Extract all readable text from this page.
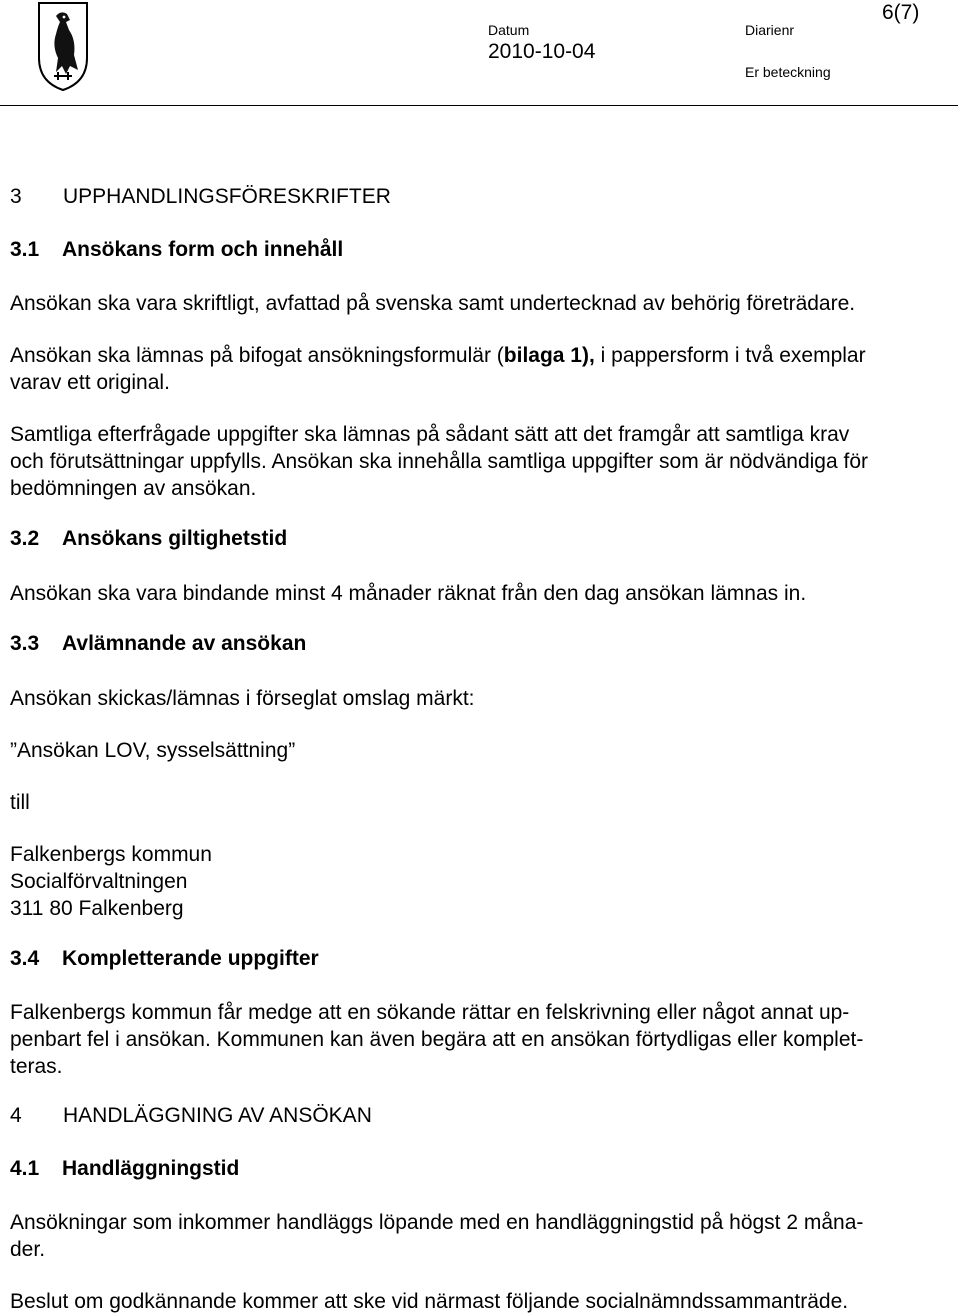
Datum
2010-10-04
Diarienr
Er beteckning
6(7)
3 UPPHANDLINGSFÖRESKRIFTER
3.1 Ansökans form och innehåll
Ansökan ska vara skriftligt, avfattad på svenska samt undertecknad av behörig företrädare.
Ansökan ska lämnas på bifogat ansökningsformulär (bilaga 1), i pappersform i två exemplar
varav ett original.
Samtliga efterfrågade uppgifter ska lämnas på sådant sätt att det framgår att samtliga krav
och förutsättningar uppfylls. Ansökan ska innehålla samtliga uppgifter som är nödvändiga för
bedömningen av ansökan.
3.2 Ansökans giltighetstid
Ansökan ska vara bindande minst 4 månader räknat från den dag ansökan lämnas in.
3.3 Avlämnande av ansökan
Ansökan skickas/lämnas i förseglat omslag märkt:
”Ansökan LOV, sysselsättning”
till
Falkenbergs kommun
Socialförvaltningen
311 80 Falkenberg
3.4 Kompletterande uppgifter
Falkenbergs kommun får medge att en sökande rättar en felskrivning eller något annat up-
penbart fel i ansökan. Kommunen kan även begära att en ansökan förtydligas eller komplet-
teras.
4 HANDLÄGGNING AV ANSÖKAN
4.1 Handläggningstid
Ansökningar som inkommer handläggs löpande med en handläggningstid på högst 2 måna-
der.
Beslut om godkännande kommer att ske vid närmast följande socialnämndssammanträde.
